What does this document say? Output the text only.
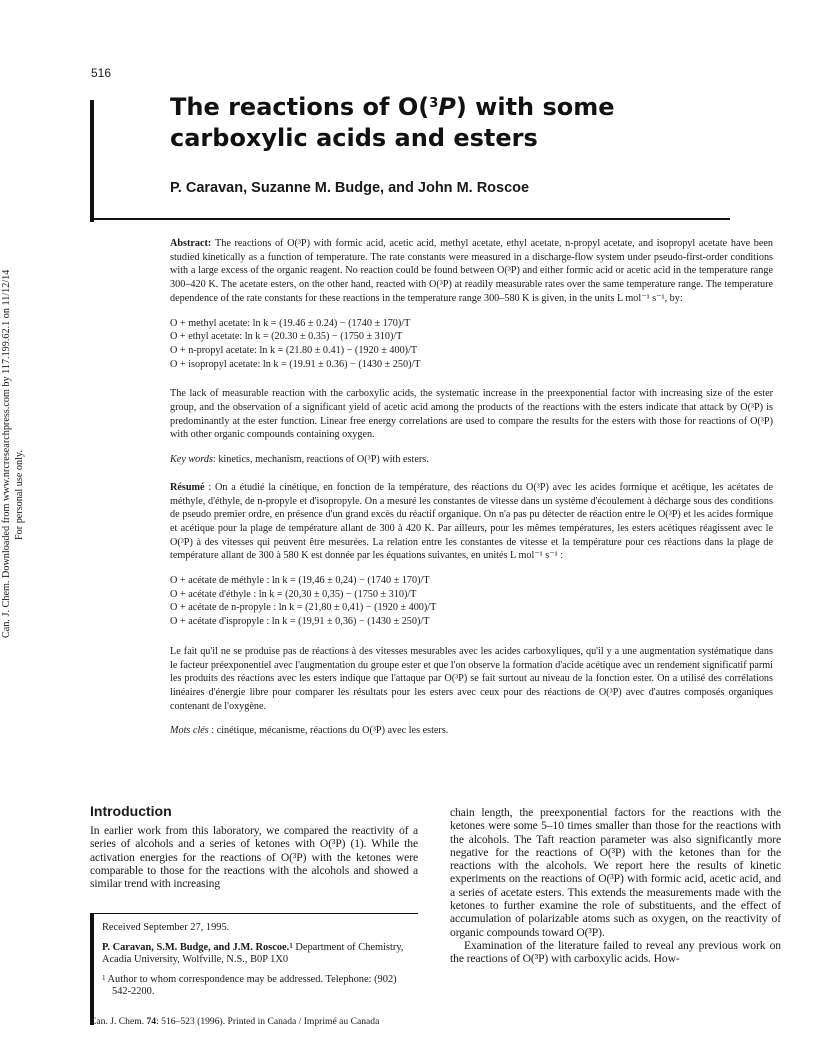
Can. J. Chem. Downloaded from www.nrcresearchpress.com by 117.199.62.1 on 11/12/14 For personal use only.
516
The reactions of O($^3$P) with some carboxylic acids and esters
P. Caravan, Suzanne M. Budge, and John M. Roscoe

Abstract: The reactions of O(³P) with formic acid, acetic acid, methyl acetate, ethyl acetate, n-propyl acetate, and isopropyl acetate have been studied kinetically as a function of temperature. The rate constants were measured in a discharge-flow system under pseudo-first-order conditions with a large excess of the organic reagent. No reaction could be found between O(³P) and either formic acid or acetic acid in the temperature range 300–420 K. The acetate esters, on the other hand, reacted with O(³P) at readily measurable rates over the same temperature range. The temperature dependence of the rate constants for these reactions in the temperature range 300–580 K is given, in the units L mol⁻¹ s⁻¹, by:

O + methyl acetate: ln k = (19.46 ± 0.24) − (1740 ± 170)/T
O + ethyl acetate: ln k = (20.30 ± 0.35) − (1750 ± 310)/T
O + n-propyl acetate: ln k = (21.80 ± 0.41) − (1920 ± 400)/T
O + isopropyl acetate: ln k = (19.91 ± 0.36) − (1430 ± 250)/T

The lack of measurable reaction with the carboxylic acids, the systematic increase in the preexponential factor with increasing size of the ester group, and the observation of a significant yield of acetic acid among the products of the reactions with the esters indicate that attack by O(³P) is predominantly at the ester function. Linear free energy correlations are used to compare the results for the esters with those for reactions of O(³P) with other organic compounds containing oxygen.

Key words: kinetics, mechanism, reactions of O(³P) with esters.

Résumé : On a étudié la cinétique, en fonction de la température, des réactions du O(³P) avec les acides formique et acétique, les acétates de méthyle, d'éthyle, de n-propyle et d'isopropyle. On a mesuré les constantes de vitesse dans un système d'écoulement à décharge sous des conditions de pseudo premier ordre, en présence d'un grand excès du réactif organique. On n'a pas pu détecter de réaction entre le O(³P) et les acides formique et acétique pour la plage de température allant de 300 à 420 K. Par ailleurs, pour les mêmes températures, les esters acétiques réagissent avec le O(³P) à des vitesses qui peuvent être mesurées. La relation entre les constantes de vitesse et la température pour ces réactions dans la plage de température allant de 300 à 580 K est donnée par les équations suivantes, en unités L mol⁻¹ s⁻¹ :

O + acétate de méthyle : ln k = (19,46 ± 0,24) − (1740 ± 170)/T
O + acétate d'éthyle : ln k = (20,30 ± 0,35) − (1750 ± 310)/T
O + acétate de n-propyle : ln k = (21,80 ± 0,41) − (1920 ± 400)/T
O + acétate d'ispropyle : ln k = (19,91 ± 0,36) − (1430 ± 250)/T

Le fait qu'il ne se produise pas de réactions à des vitesses mesurables avec les acides carboxyliques, qu'il y a une augmentation systématique dans le facteur préexponentiel avec l'augmentation du groupe ester et que l'on observe la formation d'acide acétique avec un rendement significatif parmi les produits des réactions avec les esters indique que l'attaque par O(³P) se fait surtout au niveau de la fonction ester. On a utilisé des corrélations linéaires d'énergie libre pour comparer les résultats pour les esters avec ceux pour des réactions de O(³P) avec d'autres composés organiques contenant de l'oxygène.

Mots clés : cinétique, mécanisme, réactions du O(³P) avec les esters.

Introduction
In earlier work from this laboratory, we compared the reactivity of a series of alcohols and a series of ketones with O(³P) (1). While the activation energies for the reactions of O(³P) with the ketones were comparable to those for the reactions with the alcohols and showed a similar trend with increasing

Received September 27, 1995.

P. Caravan, S.M. Budge, and J.M. Roscoe.$^1$ Department of Chemistry, Acadia University, Wolfville, N.S., B0P 1X0

$^1$ Author to whom correspondence may be addressed. Telephone: (902) 542-2200.

chain length, the preexponential factors for the reactions with the ketones were some 5–10 times smaller than those for the reactions with the alcohols. The Taft reaction parameter was also significantly more negative for the reactions of O(³P) with the ketones than for the reactions with the alcohols. We report here the results of kinetic experiments on the reactions of O(³P) with formic acid, acetic acid, and a series of acetate esters. This extends the measurements made with the ketones to further examine the role of substituents, and the effect of accumulation of polarizable atoms such as oxygen, on the reactivity of organic compounds toward O(³P).

Examination of the literature failed to reveal any previous work on the reactions of O(³P) with carboxylic acids. How-

Can. J. Chem. 74: 516–523 (1996). Printed in Canada / Imprimé au Canada
